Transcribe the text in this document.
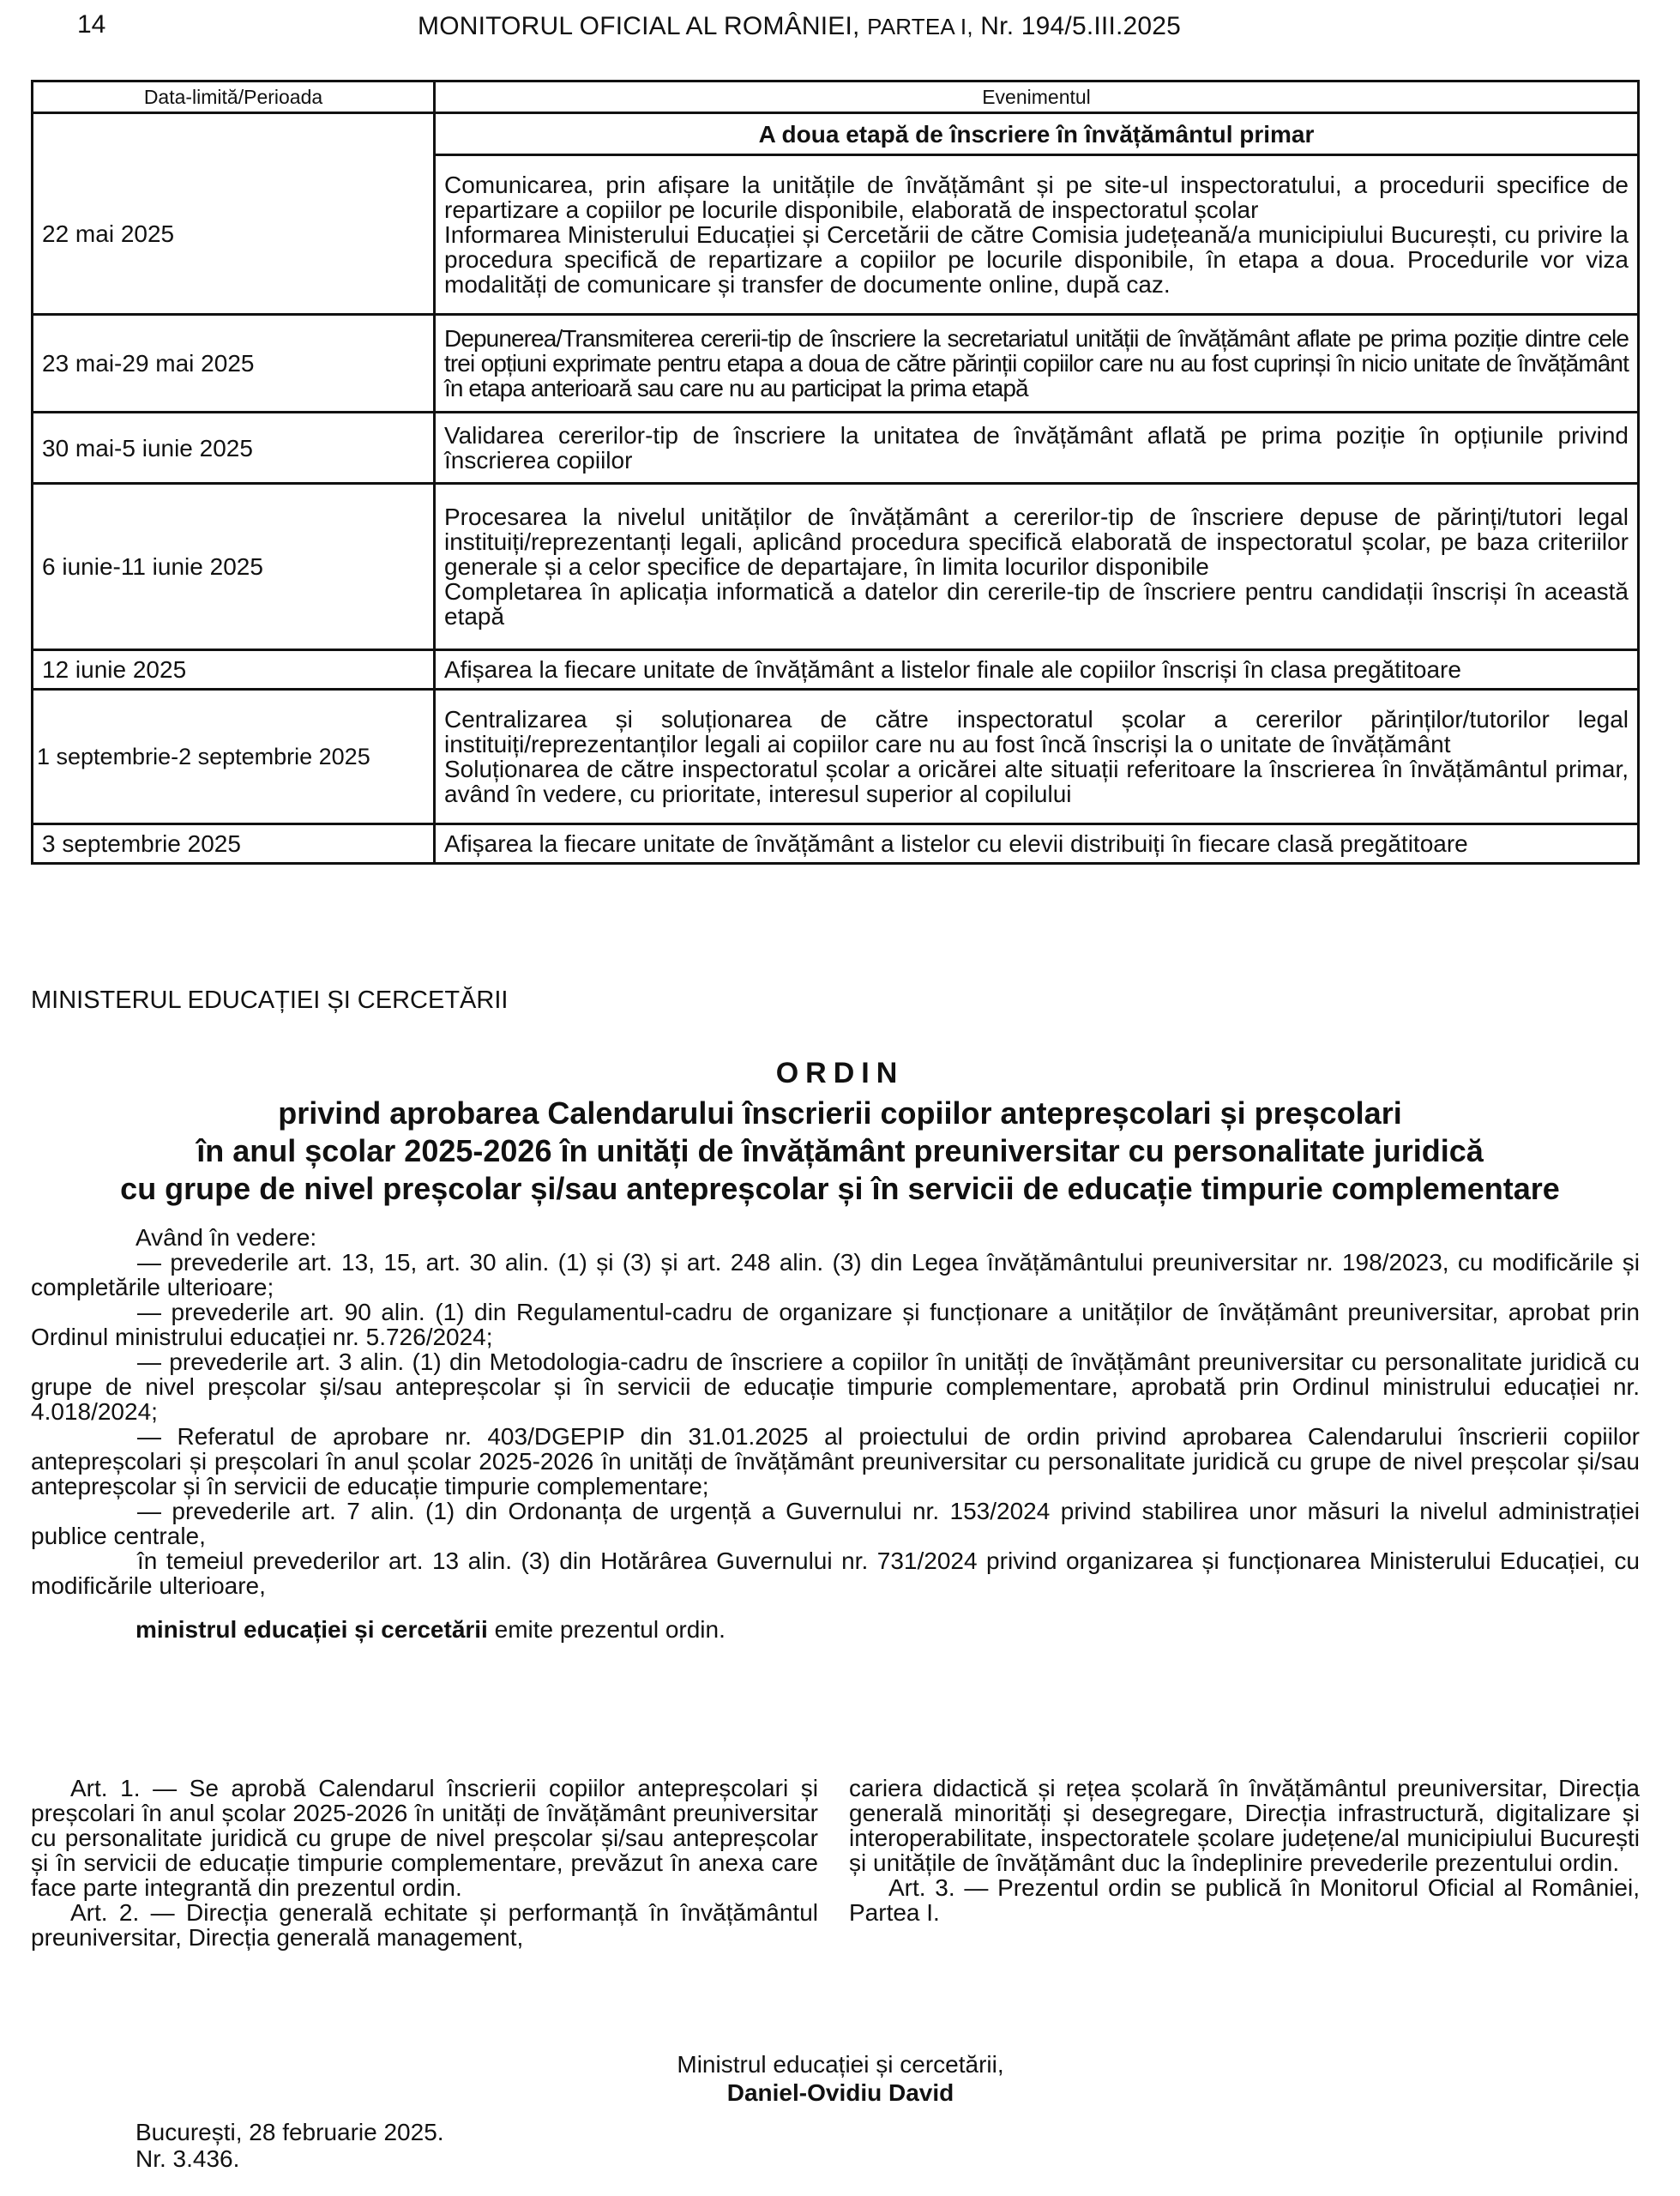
14	MONITORUL OFICIAL AL ROMÂNIEI, PARTEA I, Nr. 194/5.III.2025
Data-limită/Perioada	Evenimentul
	A doua etapă de înscriere în învățământul primar
22 mai 2025	Comunicarea, prin afișare la unitățile de învățământ și pe site-ul inspectoratului, a procedurii specifice de repartizare a copiilor pe locurile disponibile, elaborată de inspectoratul școlar

Informarea Ministerului Educației și Cercetării de către Comisia județeană/a municipiului București, cu privire la procedura specifică de repartizare a copiilor pe locurile disponibile, în etapa a doua. Procedurile vor viza modalități de comunicare și transfer de documente online, după caz.

23 mai-29 mai 2025	Depunerea/Transmiterea cererii-tip de înscriere la secretariatul unității de învățământ aflate pe prima poziție dintre cele trei opțiuni exprimate pentru etapa a doua de către părinții copiilor care nu au fost cuprinși în nicio unitate de învățământ în etapa anterioară sau care nu au participat la prima etapă

30 mai-5 iunie 2025	Validarea cererilor-tip de înscriere la unitatea de învățământ aflată pe prima poziție în opțiunile privind înscrierea copiilor

6 iunie-11 iunie 2025	Procesarea la nivelul unităților de învățământ a cererilor-tip de înscriere depuse de părinți/tutori legal instituiți/reprezentanți legali, aplicând procedura specifică elaborată de inspectoratul școlar, pe baza criteriilor generale și a celor specifice de departajare, în limita locurilor disponibile

Completarea în aplicația informatică a datelor din cererile-tip de înscriere pentru candidații înscriși în această etapă

12 iunie 2025	Afișarea la fiecare unitate de învățământ a listelor finale ale copiilor înscriși în clasa pregătitoare

1 septembrie-2 septembrie 2025	Centralizarea și soluționarea de către inspectoratul școlar a cererilor părinților/tutorilor legal instituiți/reprezentanților legali ai copiilor care nu au fost încă înscriși la o unitate de învățământ

Soluționarea de către inspectoratul școlar a oricărei alte situații referitoare la înscrierea în învățământul primar, având în vedere, cu prioritate, interesul superior al copilului

3 septembrie 2025	Afișarea la fiecare unitate de învățământ a listelor cu elevii distribuiți în fiecare clasă pregătitoare

MINISTERUL EDUCAȚIEI ȘI CERCETĂRII
ORDIN
privind aprobarea Calendarului înscrierii copiilor antepreșcolari și preșcolari
în anul școlar 2025-2026 în unități de învățământ preuniversitar cu personalitate juridică
cu grupe de nivel preșcolar și/sau antepreșcolar și în servicii de educație timpurie complementare

Având în vedere:

— prevederile art. 13, 15, art. 30 alin. (1) și (3) și art. 248 alin. (3) din Legea învățământului preuniversitar nr. 198/2023, cu modificările și completările ulterioare;

— prevederile art. 90 alin. (1) din Regulamentul-cadru de organizare și funcționare a unităților de învățământ preuniversitar, aprobat prin Ordinul ministrului educației nr. 5.726/2024;

— prevederile art. 3 alin. (1) din Metodologia-cadru de înscriere a copiilor în unități de învățământ preuniversitar cu personalitate juridică cu grupe de nivel preșcolar și/sau antepreșcolar și în servicii de educație timpurie complementare, aprobată prin Ordinul ministrului educației nr. 4.018/2024;

— Referatul de aprobare nr. 403/DGEPIP din 31.01.2025 al proiectului de ordin privind aprobarea Calendarului înscrierii copiilor antepreșcolari și preșcolari în anul școlar 2025-2026 în unități de învățământ preuniversitar cu personalitate juridică cu grupe de nivel preșcolar și/sau antepreșcolar și în servicii de educație timpurie complementare;

— prevederile art. 7 alin. (1) din Ordonanța de urgență a Guvernului nr. 153/2024 privind stabilirea unor măsuri la nivelul administrației publice centrale,

în temeiul prevederilor art. 13 alin. (3) din Hotărârea Guvernului nr. 731/2024 privind organizarea și funcționarea Ministerului Educației, cu modificările ulterioare,

ministrul educației și cercetării emite prezentul ordin.

Art. 1. — Se aprobă Calendarul înscrierii copiilor antepreșcolari și preșcolari în anul școlar 2025-2026 în unități de învățământ preuniversitar cu personalitate juridică cu grupe de nivel preșcolar și/sau antepreșcolar și în servicii de educație timpurie complementare, prevăzut în anexa care face parte integrantă din prezentul ordin.

Art. 2. — Direcția generală echitate și performanță în învățământul preuniversitar, Direcția generală management,

cariera didactică și rețea școlară în învățământul preuniversitar, Direcția generală minorități și desegregare, Direcția infrastructură, digitalizare și interoperabilitate, inspectoratele școlare județene/al municipiului București și unitățile de învățământ duc la îndeplinire prevederile prezentului ordin.

Art. 3. — Prezentul ordin se publică în Monitorul Oficial al României, Partea I.

Ministrul educației și cercetării,
Daniel-Ovidiu David
București, 28 februarie 2025.
Nr. 3.436.
